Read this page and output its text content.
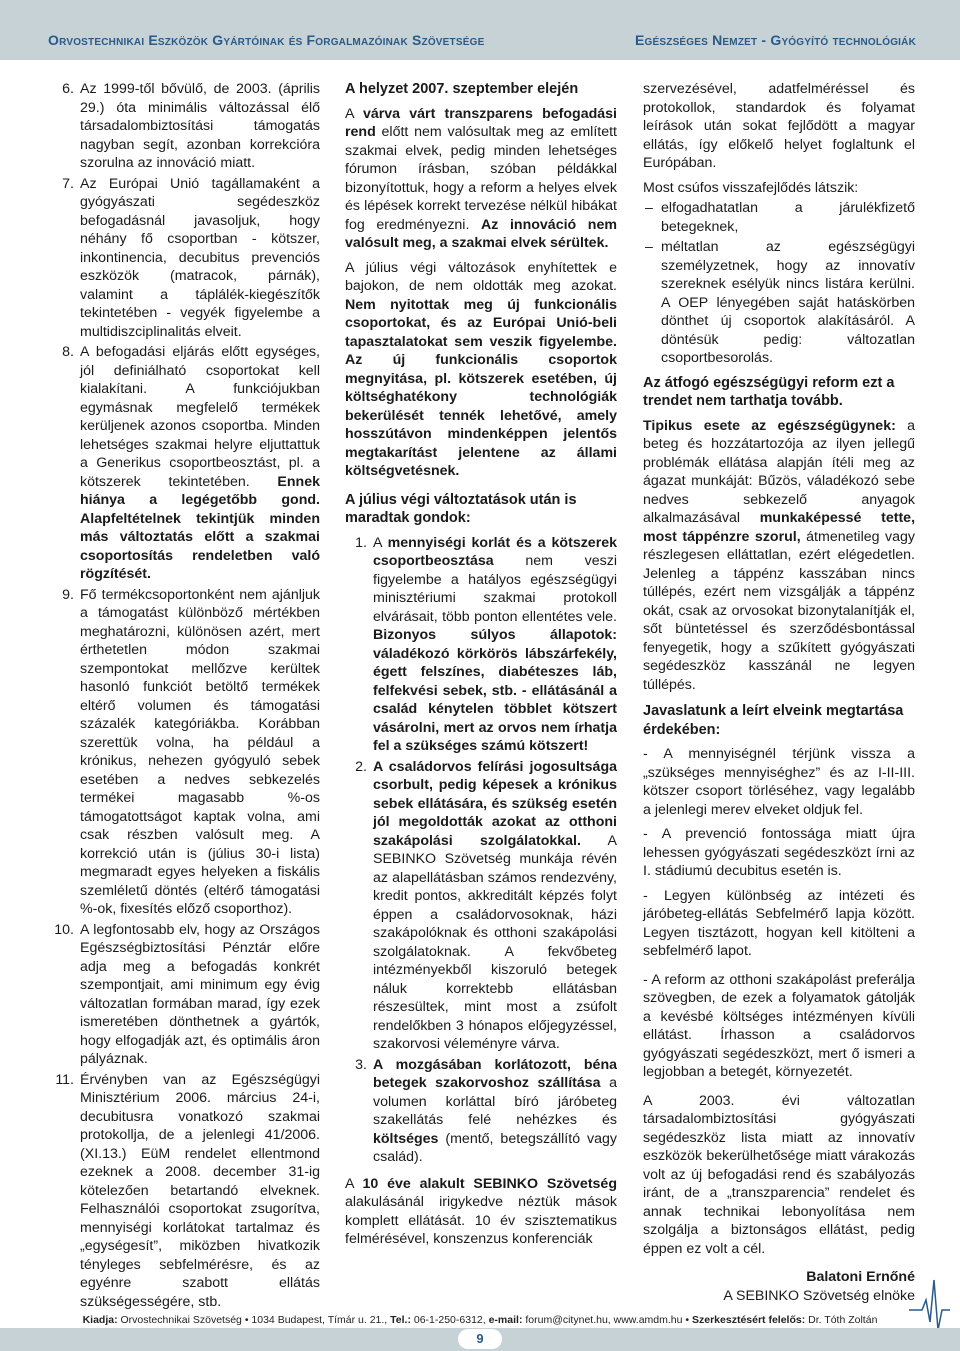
Orvostechnikai Eszközök Gyártóinak és Forgalmazóinak Szövetsége	Egészséges Nemzet - Gyógyító technológiák
6. Az 1999-től bővülő, de 2003. (április 29.) óta minimális változással élő társadalombiztosítási támogatás nagyban segít, azonban korrekcióra szorulna az innováció miatt.
7. Az Európai Unió tagállamaként a gyógyászati segédeszköz befogadásnál javasoljuk, hogy néhány fő csoportban - kötszer, inkontinencia, decubitus prevenciós eszközök (matracok, párnák), valamint a táplálék-kiegészítők tekintetében - vegyék figyelembe a multidiszciplinalitás elveit.
8. A befogadási eljárás előtt egységes, jól definiálható csoportokat kell kialakítani. A funkciójukban egymásnak megfelelő termékek kerüljenek azonos csoportba. Minden lehetséges szakmai helyre eljuttattuk a Generikus csoportbeosztást, pl. a kötszerek tekintetében. Ennek hiánya a legégetőbb gond. Alapfeltételnek tekintjük minden más változtatás előtt a szakmai csoportosítás rendeletben való rögzítését.
9. Fő termékcsoportonként nem ajánljuk a támogatást különböző mértékben meghatározni, különösen azért, mert érthetetlen módon szakmai szempontokat mellőzve kerültek hasonló funkciót betöltő termékek eltérő volumen és támogatási százalék kategóriákba. Korábban szerettük volna, ha például a krónikus, nehezen gyógyuló sebek esetében a nedves sebkezelés termékei magasabb %-os támogatottságot kaptak volna, ami csak részben valósult meg. A korrekció után is (július 30-i lista) megmaradt egyes helyeken a fiskális szemléletű döntés (eltérő támogatási %-ok, fixesítés előző csoporthoz).
10. A legfontosabb elv, hogy az Országos Egészségbiztosítási Pénztár előre adja meg a befogadás konkrét szempontjait, ami minimum egy évig változatlan formában marad, így ezek ismeretében dönthetnek a gyártók, hogy elfogadják azt, és optimális áron pályáznak.
11. Érvényben van az Egészségügyi Minisztérium 2006. március 24-i, decubitusra vonatkozó szakmai protokollja, de a jelenlegi 41/2006. (XI.13.) EüM rendelet ellentmond ezeknek a 2008. december 31-ig kötelezően betartandó elveknek. Felhasználói csoportokat zsugorítva, mennyiségi korlátokat tartalmaz és „egységesít”, miközben hivatkozik tényleges sebfelmérésre, és az egyénre szabott ellátás szükségességére, stb.
A helyzet 2007. szeptember elején

A várva várt transzparens befogadási rend előtt nem valósultak meg az említett szakmai elvek, pedig minden lehetséges fórumon írásban, szóban példákkal bizonyítottuk, hogy a reform a helyes elvek és lépések korrekt tervezése nélkül hibákat fog eredményezni. Az innováció nem valósult meg, a szakmai elvek sérültek.

A július végi változások enyhítettek e bajokon, de nem oldották meg azokat. Nem nyitottak meg új funkcionális csoportokat, és az Európai Unió-beli tapasztalatokat sem veszik figyelembe. Az új funkcionális csoportok megnyitása, pl. kötszerek esetében, új költséghatékony technológiák bekerülését tennék lehetővé, amely hosszútávon mindenképpen jelentős megtakarítást jelentene az állami költségvetésnek.

A július végi változtatások után is maradtak gondok:
1. A mennyiségi korlát és a kötszerek csoportbeosztása nem veszi figyelembe a hatályos egészségügyi minisztériumi szakmai protokoll elvárásait, több ponton ellentétes vele. Bizonyos súlyos állapotok: váladékozó körkörös lábszárfekély, égett felszínes, diabéteszes láb, felfekvési sebek, stb. - ellátásánál a család kénytelen többlet kötszert vásárolni, mert az orvos nem írhatja fel a szükséges számú kötszert!
2. A családorvos felírási jogosultsága csorbult, pedig képesek a krónikus sebek ellátására, és szükség esetén jól megoldották azokat az otthoni szakápolási szolgálatokkal. A SEBINKO Szövetség munkája révén az alapellátásban számos rendezvény, kredit pontos, akkreditált képzés folyt éppen a családorvosoknak, házi szakápolóknak és otthoni szakápolási szolgálatoknak. A fekvőbeteg intézményekből kiszoruló betegek náluk korrektebb ellátásban részesültek, mint most a zsúfolt rendelőkben 3 hónapos előjegyzéssel, szakorvosi véleményre várva.
3. A mozgásában korlátozott, béna betegek szakorvoshoz szállítása a volumen korláttal bíró járóbeteg szakellátás felé nehézkes és költséges (mentő, betegszállító vagy család).

A 10 éve alakult SEBINKO Szövetség alakulásánál irigykedve néztük mások komplett ellátását. 10 év szisztematikus felmérésével, konszenzus konferenciák

szervezésével, adatfelméréssel és protokollok, standardok és folyamat leírások után sokat fejlődött a magyar ellátás, így előkelő helyet foglaltunk el Európában.

Most csúfos visszafejlődés látszik:

– elfogadhatatlan a járulékfizető betegeknek,
– méltatlan az egészségügyi személyzetnek, hogy az innovatív szereknek esélyük nincs listára kerülni. A OEP lényegében saját hatáskörben dönthet új csoportok alakításáról. A döntésük pedig: változatlan csoportbesorolás.
Az átfogó egészségügyi reform ezt a trendet nem tarthatja tovább.

Tipikus esete az egészségügynek: a beteg és hozzátartozója az ilyen jellegű problémák ellátása alapján ítéli meg az ágazat munkáját: Bűzös, váladékozó sebe nedves sebkezelő anyagok alkalmazásával munkaképessé tette, most táppénzre szorul, átmenetileg vagy részlegesen elláttatlan, ezért elégedetlen. Jelenleg a táppénz kasszában nincs túllépés, ezért nem vizsgálják a táppénz okát, csak az orvosokat bizonytalanítják el, sőt büntetéssel és szerződésbontással fenyegetik, hogy a szűkített gyógyászati segédeszköz kasszánál ne legyen túllépés.

Javaslatunk a leírt elveink megtartása érdekében:

- A mennyiségnél térjünk vissza a „szükséges mennyiséghez” és az I-II-III. kötszer csoport törléséhez, vagy legalább a jelenlegi merev elveket oldjuk fel.

- A prevenció fontossága miatt újra lehessen gyógyászati segédeszközt írni az I. stádiumú decubitus esetén is.

- Legyen különbség az intézeti és járóbeteg-ellátás Sebfelmérő lapja között. Legyen tisztázott, hogyan kell kitölteni a sebfelmérő lapot.

- A reform az otthoni szakápolást preferálja szövegben, de ezek a folyamatok gátolják a kevésbé költséges intézményen kívüli ellátást. Írhasson a családorvos gyógyászati segédeszközt, mert ő ismeri a legjobban a betegét, környezetét.

A 2003. évi változatlan társadalombiztosítási gyógyászati segédeszköz lista miatt az innovatív eszközök bekerülhetősége miatt várakozás volt az új befogadási rend és szabályozás iránt, de a „transzparencia” rendelet és annak technikai lebonyolítása nem szolgálja a biztonságos ellátást, pedig éppen ez volt a cél.

Balatoni Ernőné

A SEBINKO Szövetség elnöke

Kiadja: Orvostechnikai Szövetség • 1034 Budapest, Tímár u. 21., Tel.: 06-1-250-6312, e-mail: forum@citynet.hu, www.amdm.hu • Szerkesztésért felelős: Dr. Tóth Zoltán
9
